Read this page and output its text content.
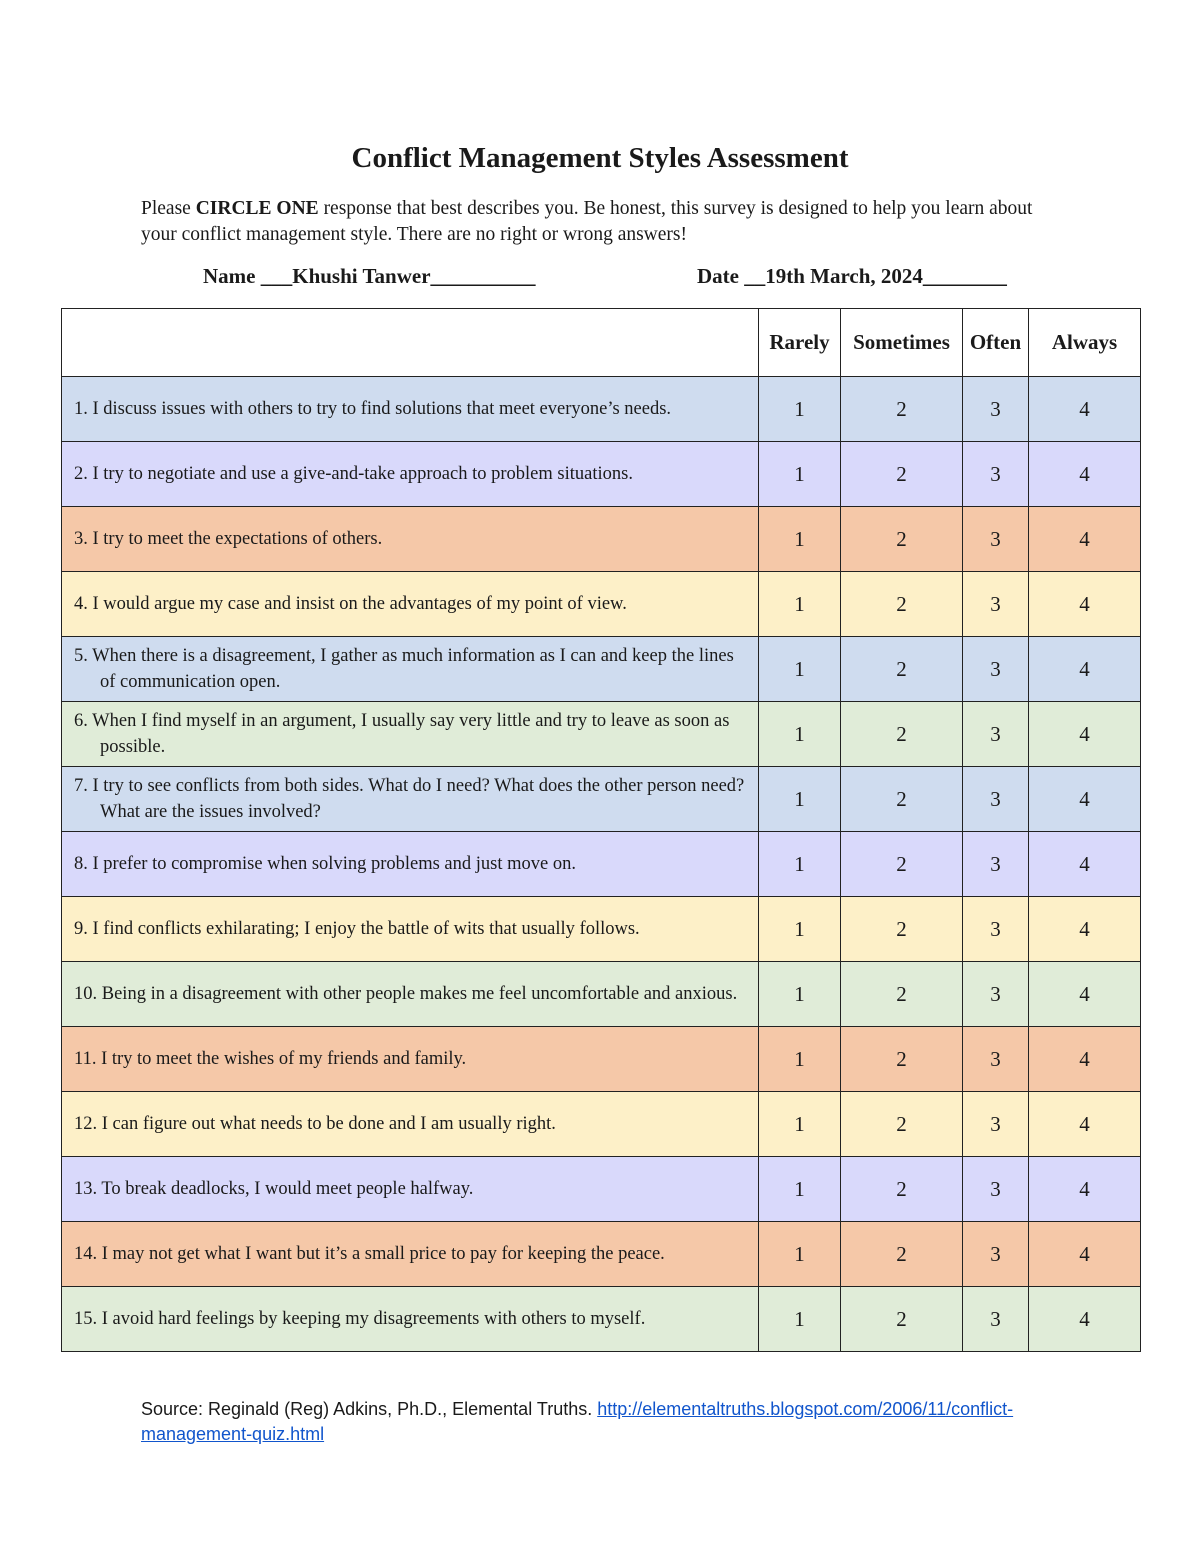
Conflict Management Styles Assessment
Please CIRCLE ONE response that best describes you. Be honest, this survey is designed to help you learn about your conflict management style. There are no right or wrong answers!
Name ___Khushi Tanwer__________	Date __19th March, 2024________
	Rarely	Sometimes	Often	Always

1. I discuss issues with others to try to find solutions that meet everyone’s needs.	1	2	3	4

2. I try to negotiate and use a give-and-take approach to problem situations.	1	2	3	4

3. I try to meet the expectations of others.	1	2	3	4

4. I would argue my case and insist on the advantages of my point of view.	1	2	3	4

5. When there is a disagreement, I gather as much information as I can and keep the lines of communication open.	1	2	3	4

6. When I find myself in an argument, I usually say very little and try to leave as soon as possible.	1	2	3	4

7. I try to see conflicts from both sides. What do I need? What does the other person need? What are the issues involved?	1	2	3	4

8. I prefer to compromise when solving problems and just move on.	1	2	3	4

9. I find conflicts exhilarating; I enjoy the battle of wits that usually follows.	1	2	3	4

10. Being in a disagreement with other people makes me feel uncomfortable and anxious.	1	2	3	4

11. I try to meet the wishes of my friends and family.	1	2	3	4

12. I can figure out what needs to be done and I am usually right.	1	2	3	4

13. To break deadlocks, I would meet people halfway.	1	2	3	4

14. I may not get what I want but it’s a small price to pay for keeping the peace.	1	2	3	4

15. I avoid hard feelings by keeping my disagreements with others to myself.	1	2	3	4
Source: Reginald (Reg) Adkins, Ph.D., Elemental Truths. http://elementaltruths.blogspot.com/2006/11/conflict-management-quiz.html
